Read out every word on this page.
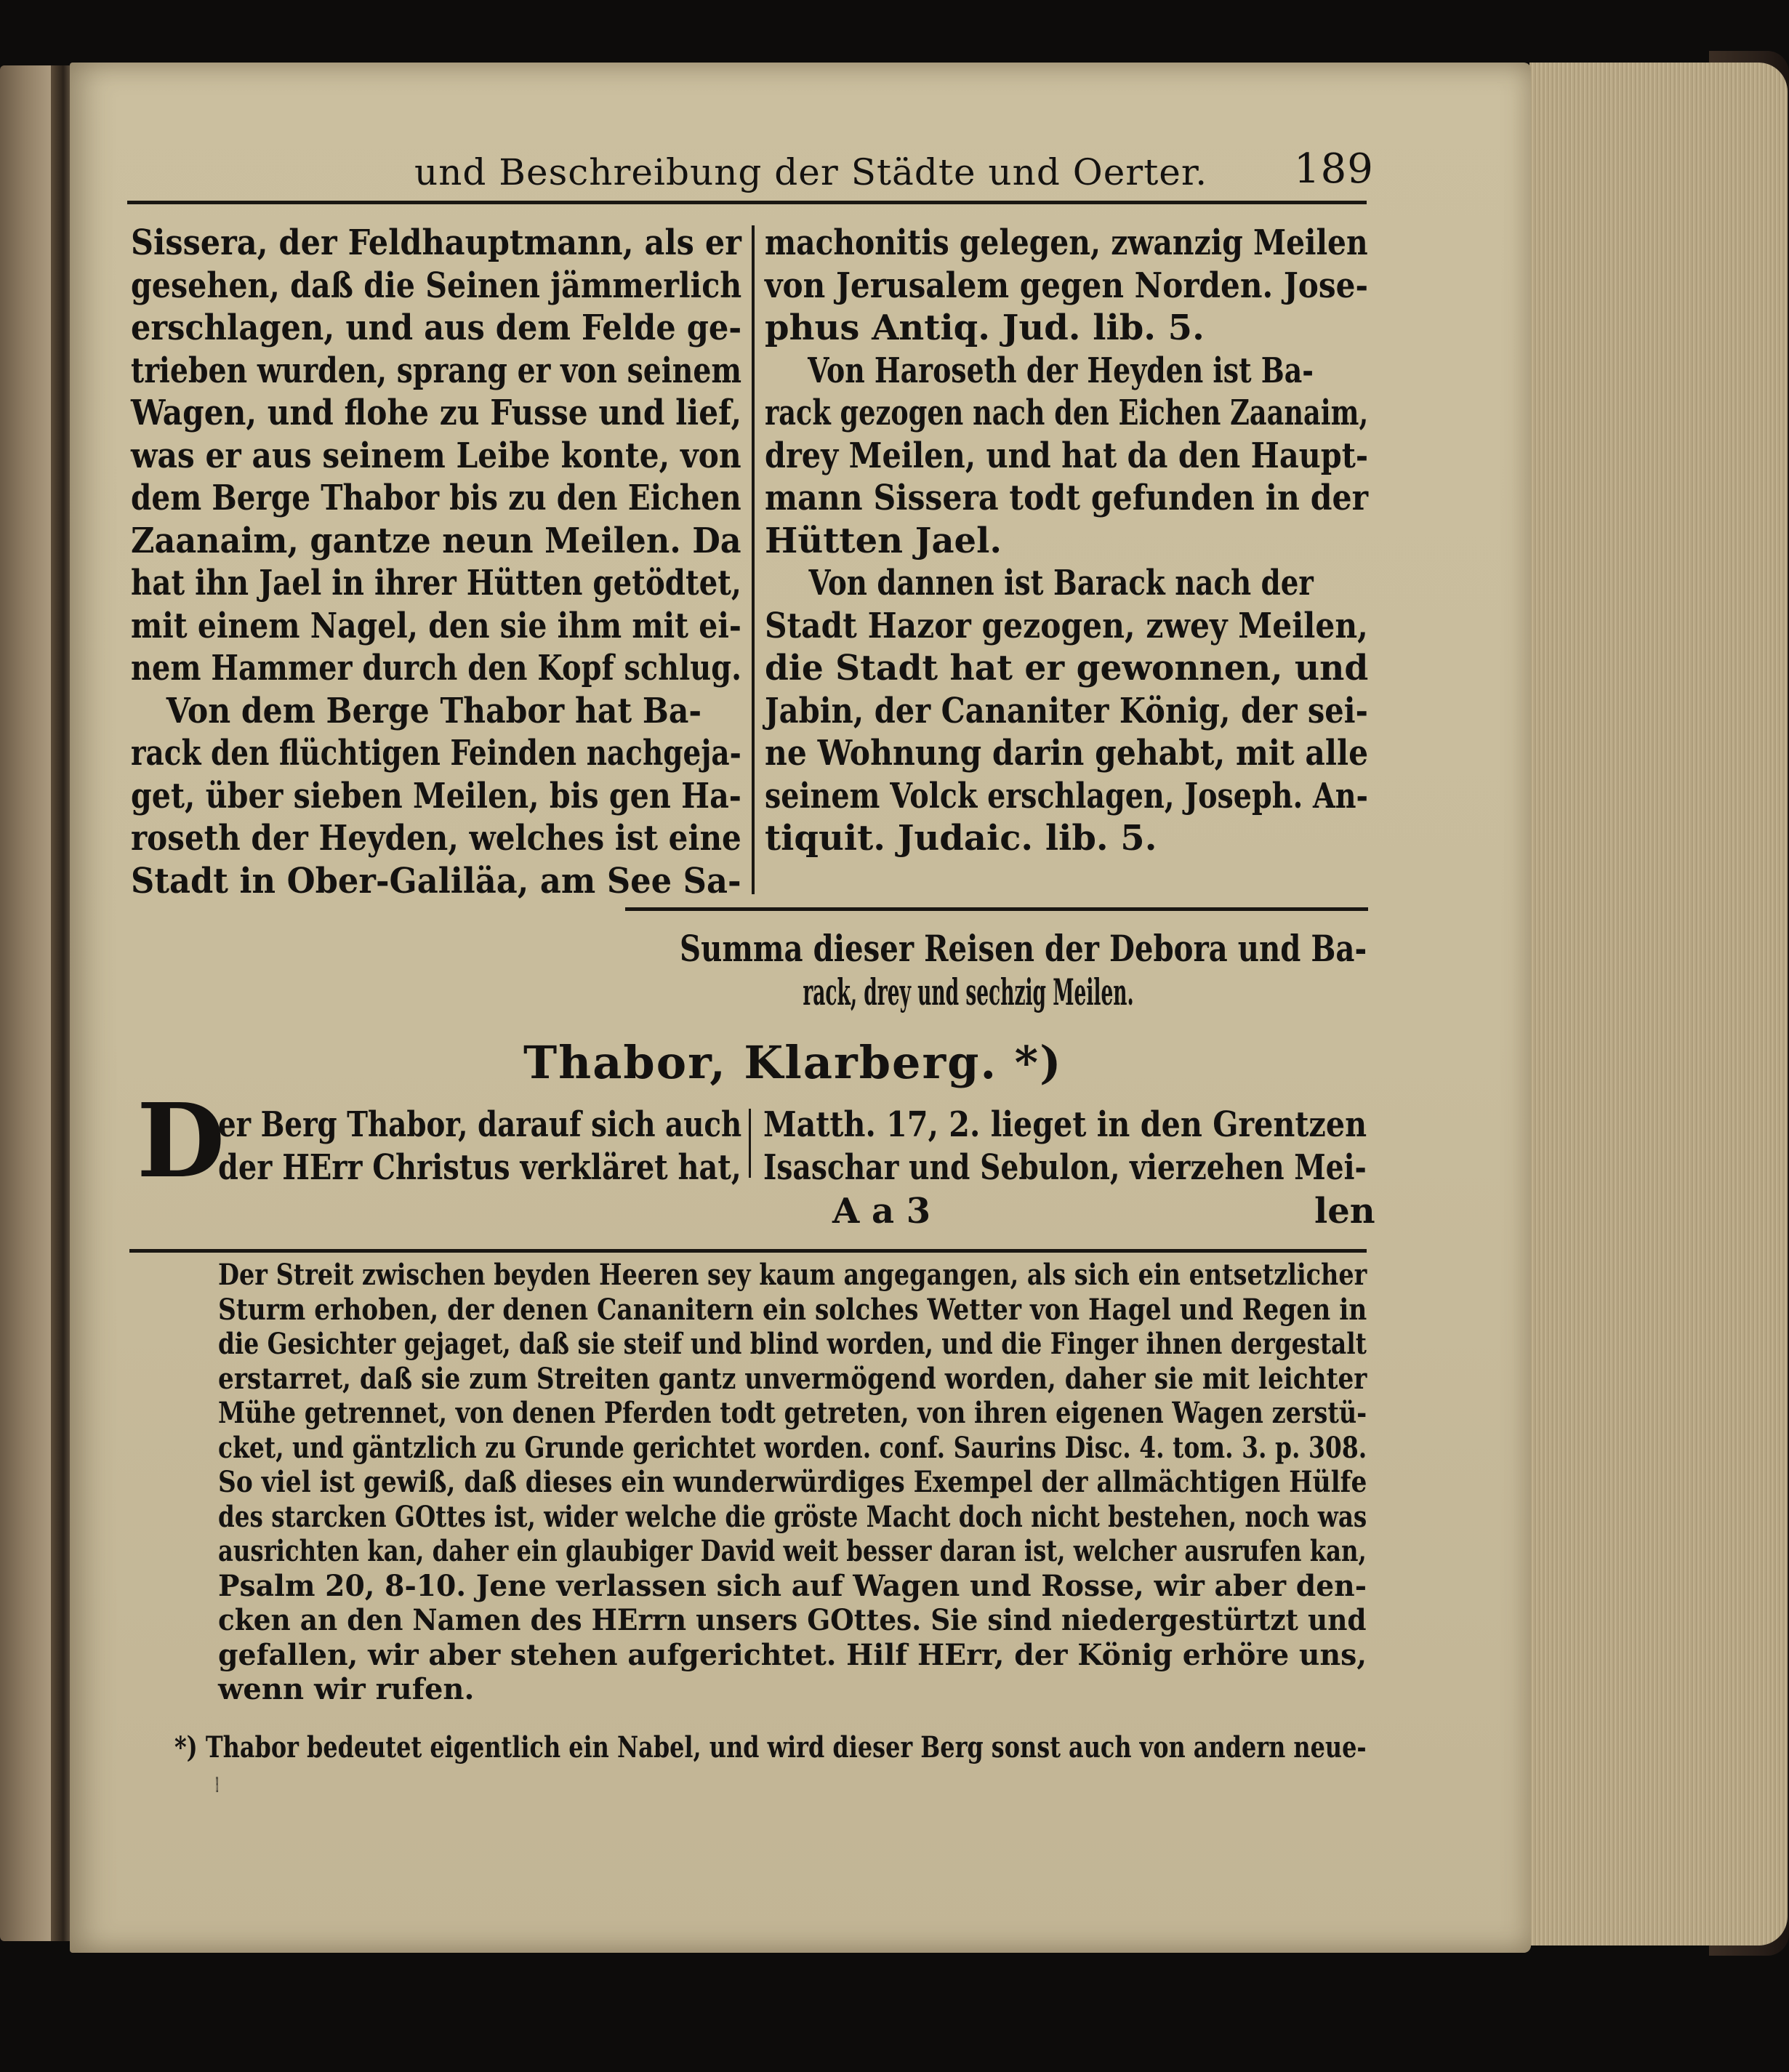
und Beschreibung der Städte und Oerter. 189
Sissera, der Feldhauptmann, als er
gesehen, daß die Seinen jämmerlich
erschlagen, und aus dem Felde ge-
trieben wurden, sprang er von seinem
Wagen, und flohe zu Fusse und lief,
was er aus seinem Leibe konte, von
dem Berge Thabor bis zu den Eichen
Zaanaim, gantze neun Meilen. Da
hat ihn Jael in ihrer Hütten getödtet,
mit einem Nagel, den sie ihm mit ei-
nem Hammer durch den Kopf schlug.
Von dem Berge Thabor hat Ba-
rack den flüchtigen Feinden nachgeja-
get, über sieben Meilen, bis gen Ha-
roseth der Heyden, welches ist eine
Stadt in Ober-Galiläa, am See Sa-
machonitis gelegen, zwanzig Meilen
von Jerusalem gegen Norden. Jose-
phus Antiq. Jud. lib. 5.
Von Haroseth der Heyden ist Ba-
rack gezogen nach den Eichen Zaanaim,
drey Meilen, und hat da den Haupt-
mann Sissera todt gefunden in der
Hütten Jael.
Von dannen ist Barack nach der
Stadt Hazor gezogen, zwey Meilen,
die Stadt hat er gewonnen, und
Jabin, der Cananiter König, der sei-
ne Wohnung darin gehabt, mit alle
seinem Volck erschlagen, Joseph. An-
tiquit. Judaic. lib. 5.
Summa dieser Reisen der Debora und Ba-
rack, drey und sechzig Meilen.
Thabor, Klarberg. *)
D
er Berg Thabor, darauf sich auch
der HErr Christus verkläret hat,
Matth. 17, 2. lieget in den Grentzen
Isaschar und Sebulon, vierzehen Mei-
A a 3	len
Der Streit zwischen beyden Heeren sey kaum angegangen, als sich ein entsetzlicher
Sturm erhoben, der denen Cananitern ein solches Wetter von Hagel und Regen in
die Gesichter gejaget, daß sie steif und blind worden, und die Finger ihnen dergestalt
erstarret, daß sie zum Streiten gantz unvermögend worden, daher sie mit leichter
Mühe getrennet, von denen Pferden todt getreten, von ihren eigenen Wagen zerstü-
cket, und gäntzlich zu Grunde gerichtet worden. conf. Saurins Disc. 4. tom. 3. p. 308.
So viel ist gewiß, daß dieses ein wunderwürdiges Exempel der allmächtigen Hülfe
des starcken GOttes ist, wider welche die gröste Macht doch nicht bestehen, noch was
ausrichten kan, daher ein glaubiger David weit besser daran ist, welcher ausrufen kan,
Psalm 20, 8-10. Jene verlassen sich auf Wagen und Rosse, wir aber den-
cken an den Namen des HErrn unsers GOttes. Sie sind niedergestürtzt und
gefallen, wir aber stehen aufgerichtet. Hilf HErr, der König erhöre uns,
wenn wir rufen.
*) Thabor bedeutet eigentlich ein Nabel, und wird dieser Berg sonst auch von andern neue-
ren
